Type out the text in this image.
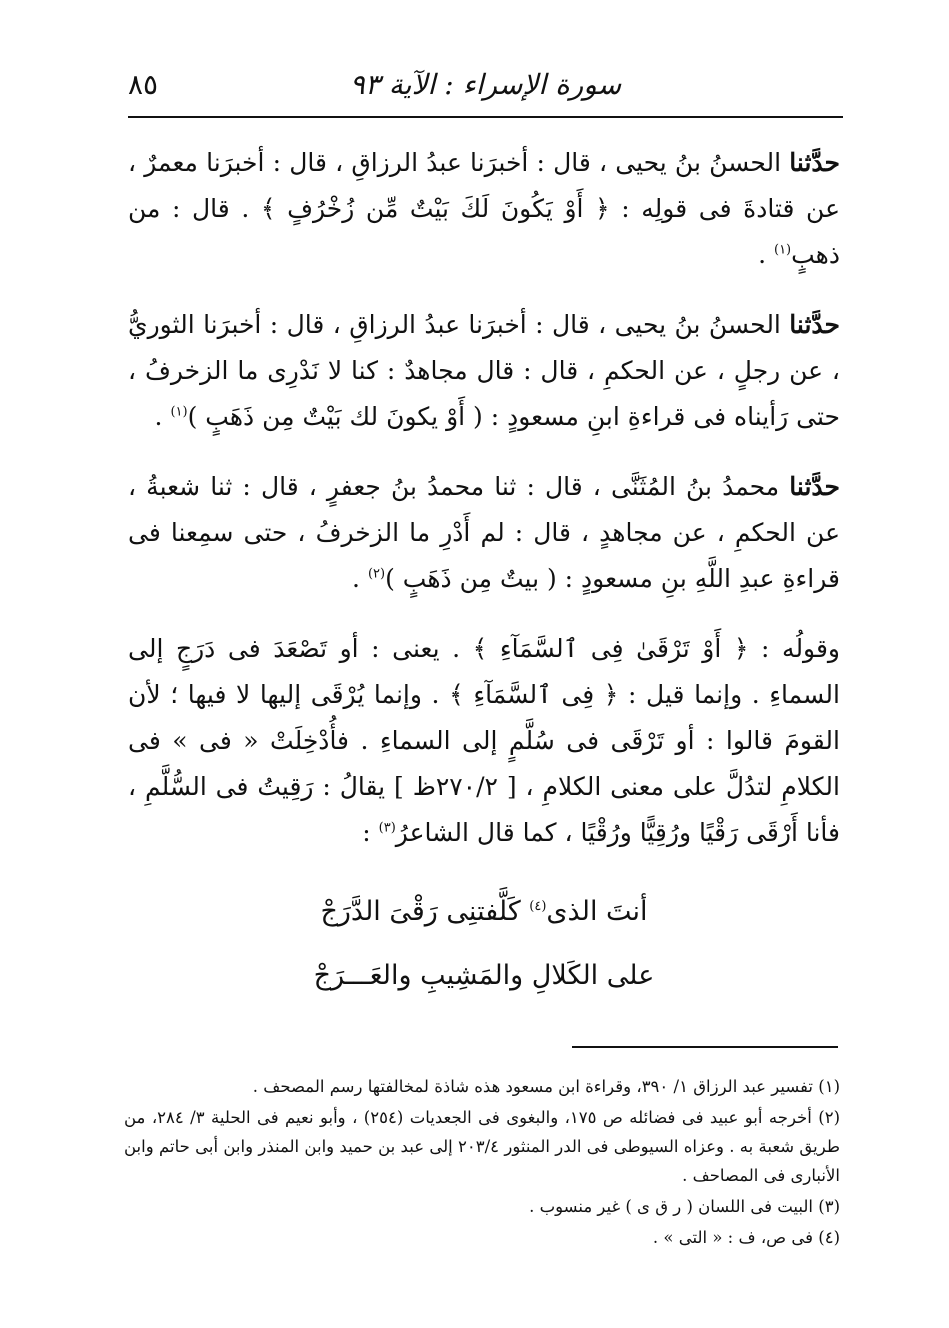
٨٥	سورة الإسراء : الآية ٩٣

حدَّثنا الحسنُ بنُ يحيى ، قال : أخبرَنا عبدُ الرزاقِ ، قال : أخبرَنا معمرٌ ، عن قتادةَ فى قولِه : ﴿ أَوْ يَكُونَ لَكَ بَيْتٌ مِّن زُخْرُفٍ ﴾ . قال : من ذهبٍ$^{(١)}$ .

حدَّثنا الحسنُ بنُ يحيى ، قال : أخبرَنا عبدُ الرزاقِ ، قال : أخبرَنا الثوريُّ ، عن رجلٍ ، عن الحكمِ ، قال : قال مجاهدٌ : كنا لا نَدْرِى ما الزخرفُ ، حتى رَأيناه فى قراءةِ ابنِ مسعودٍ : ( أَوْ يكونَ لك بَيْتٌ مِن ذَهَبٍ )$^{(١)}$ .

حدَّثنا محمدُ بنُ المُثَنَّى ، قال : ثنا محمدُ بنُ جعفرٍ ، قال : ثنا شعبةُ ، عن الحكمِ ، عن مجاهدٍ ، قال : لم أَدْرِ ما الزخرفُ ، حتى سمِعنا فى قراءةِ عبدِ اللَّهِ بنِ مسعودٍ : ( بيتٌ مِن ذَهَبٍ )$^{(٢)}$ .

وقولُه : ﴿ أَوْ تَرْقَىٰ فِى ٱلسَّمَآءِ ﴾ . يعنى : أو تَصْعَدَ فى دَرَجٍ إلى السماءِ . وإنما قيل : ﴿ فِى ٱلسَّمَآءِ ﴾ . وإنما يُرْقَى إليها لا فيها ؛ لأن القومَ قالوا : أو تَرْقَى فى سُلَّمٍ إلى السماءِ . فأُدْخِلَتْ « فى » فى الكلامِ لتدُلَّ على معنى الكلامِ ، [ ٢٧٠/٢ظ ] يقالُ : رَقِيتُ فى السُّلَّمِ ، فأنا أَرْقَى رَقْيًا ورُقِيًّا ورُقْيًا ، كما قال الشاعرُ$^{(٣)}$ :

أنتَ الذى$^{(٤)}$ كَلَّفتنِى رَقْىَ الدَّرَجْ

على الكَلالِ والمَشِيبِ والعَـــرَجْ

(١) تفسير عبد الرزاق ١/ ٣٩٠، وقراءة ابن مسعود هذه شاذة لمخالفتها رسم المصحف .

(٢) أخرجه أبو عبيد فى فضائله ص ١٧٥، والبغوى فى الجعديات (٢٥٤) ، وأبو نعيم فى الحلية ٣/ ٢٨٤، من طريق شعبة به . وعزاه السيوطى فى الدر المنثور ٢٠٣/٤ إلى عبد بن حميد وابن المنذر وابن أبى حاتم وابن الأنبارى فى المصاحف .

(٣) البيت فى اللسان ( ر ق ى ) غير منسوب .

(٤) فى ص، ف : « التى » .
